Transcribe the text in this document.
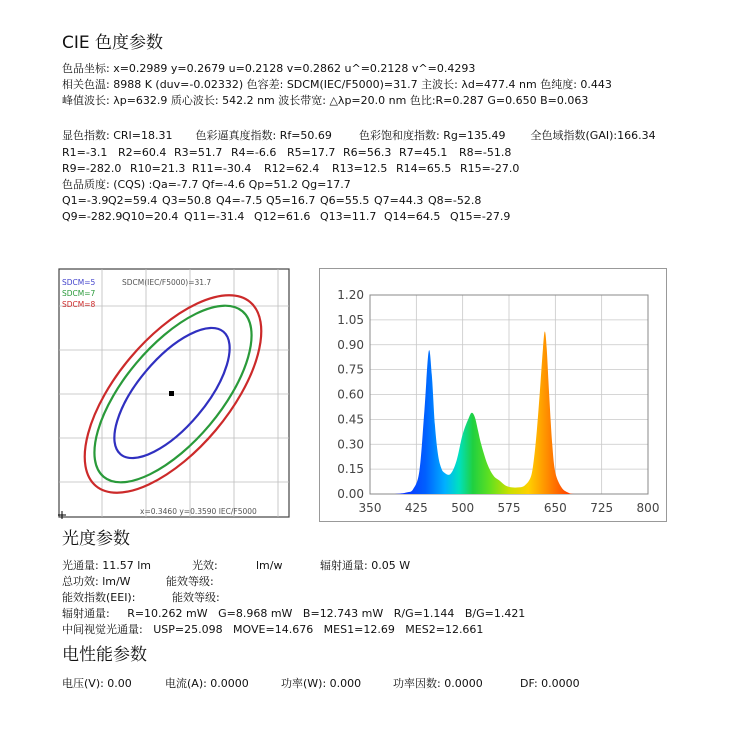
CIE 色度参数
色品坐标: x=0.2989 y=0.2679 u=0.2128 v=0.2862 u^=0.2128 v^=0.4293
相关色温: 8988 K (duv=-0.02332) 色容差: SDCM(IEC/F5000)=31.7 主波长: λd=477.4 nm 色纯度: 0.443
峰值波长: λp=632.9 质心波长: 542.2 nm 波长带宽: △λp=20.0 nm 色比:R=0.287 G=0.650 B=0.063
显色指数: CRI=18.31 色彩逼真度指数: Rf=50.69 色彩饱和度指数: Rg=135.49 全色域指数(GAI):166.34
R1=-3.1 R2=60.4 R3=51.7 R4=-6.6 R5=17.7 R6=56.3 R7=45.1 R8=-51.8
R9=-282.0 R10=21.3 R11=-30.4 R12=62.4 R13=12.5 R14=65.5 R15=-27.0
色品质度: (CQS) :Qa=-7.7 Qf=-4.6 Qp=51.2 Qg=17.7
Q1=-3.9Q2=59.4 Q3=50.8 Q4=-7.5 Q5=16.7 Q6=55.5 Q7=44.3 Q8=-52.8
Q9=-282.9Q10=20.4 Q11=-31.4 Q12=61.6 Q13=11.7 Q14=64.5 Q15=-27.9
SDCM=5
SDCM=7
SDCM=8
SDCM(IEC/F5000)=31.7
x=0.3460 y=0.3590 IEC/F5000
0.00
0.15
0.30
0.45
0.60
0.75
0.90
1.05
1.20
350 425 500 575 650 725 800
光度参数
光通量: 11.57 lm	光效:	lm/w	辐射通量: 0.05 W
总功效: lm/W	能效等级:
能效指数(EEI):	能效等级:
辐射通量:     R=10.262 mW   G=8.968 mW   B=12.743 mW   R/G=1.144   B/G=1.421
中间视觉光通量:   USP=25.098   MOVE=14.676   MES1=12.69   MES2=12.661
电性能参数
电压(V): 0.00	电流(A): 0.0000	功率(W): 0.000	功率因数: 0.0000	DF: 0.0000
